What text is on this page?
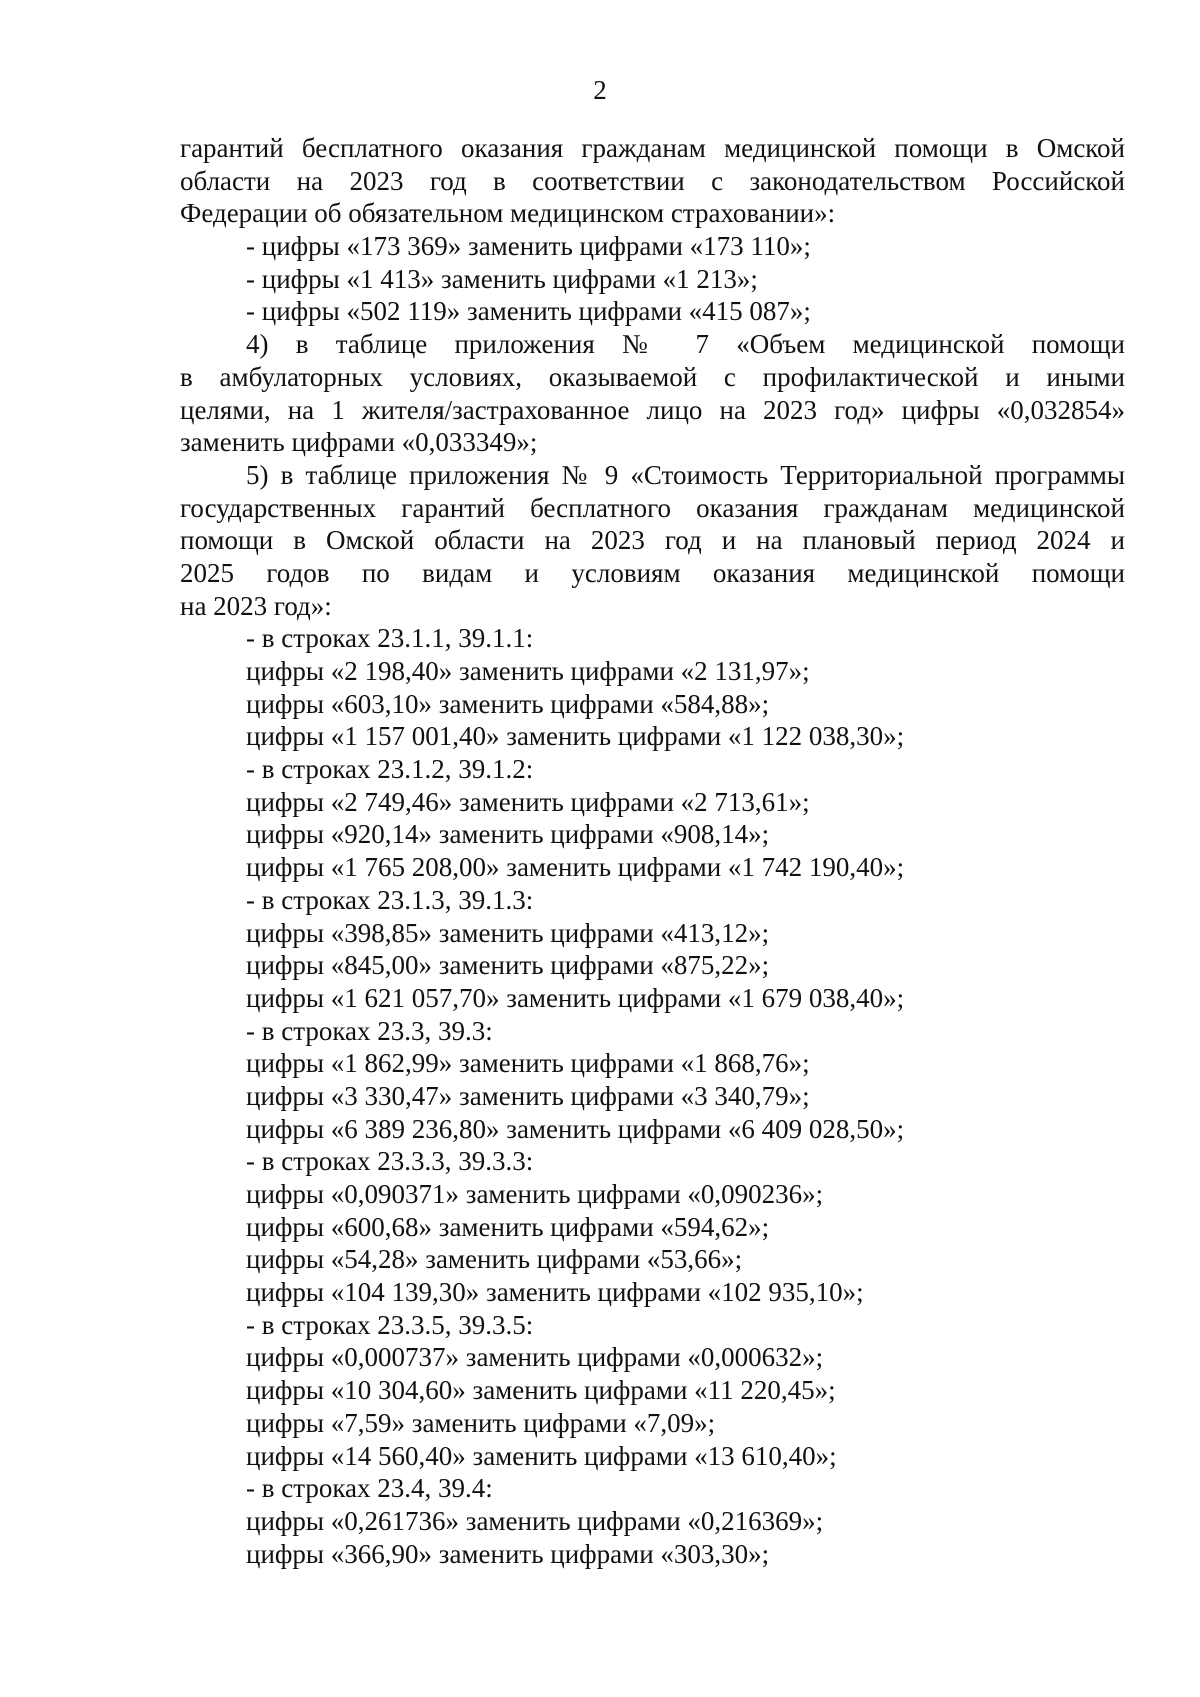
2
гарантий бесплатного оказания гражданам медицинской помощи в Омской
области на 2023 год в соответствии с законодательством Российской
Федерации об обязательном медицинском страховании»:
- цифры «173 369» заменить цифрами «173 110»;
- цифры «1 413» заменить цифрами «1 213»;
- цифры «502 119» заменить цифрами «415 087»;
4) в таблице приложения № 7 «Объем медицинской помощи
в амбулаторных условиях, оказываемой с профилактической и иными
целями, на 1 жителя/застрахованное лицо на 2023 год» цифры «0,032854»
заменить цифрами «0,033349»;
5) в таблице приложения № 9 «Стоимость Территориальной программы
государственных гарантий бесплатного оказания гражданам медицинской
помощи в Омской области на 2023 год и на плановый период 2024 и
2025 годов по видам и условиям оказания медицинской помощи
на 2023 год»:
- в строках 23.1.1, 39.1.1:
цифры «2 198,40» заменить цифрами «2 131,97»;
цифры «603,10» заменить цифрами «584,88»;
цифры «1 157 001,40» заменить цифрами «1 122 038,30»;
- в строках 23.1.2, 39.1.2:
цифры «2 749,46» заменить цифрами «2 713,61»;
цифры «920,14» заменить цифрами «908,14»;
цифры «1 765 208,00» заменить цифрами «1 742 190,40»;
- в строках 23.1.3, 39.1.3:
цифры «398,85» заменить цифрами «413,12»;
цифры «845,00» заменить цифрами «875,22»;
цифры «1 621 057,70» заменить цифрами «1 679 038,40»;
- в строках 23.3, 39.3:
цифры «1 862,99» заменить цифрами «1 868,76»;
цифры «3 330,47» заменить цифрами «3 340,79»;
цифры «6 389 236,80» заменить цифрами «6 409 028,50»;
- в строках 23.3.3, 39.3.3:
цифры «0,090371» заменить цифрами «0,090236»;
цифры «600,68» заменить цифрами «594,62»;
цифры «54,28» заменить цифрами «53,66»;
цифры «104 139,30» заменить цифрами «102 935,10»;
- в строках 23.3.5, 39.3.5:
цифры «0,000737» заменить цифрами «0,000632»;
цифры «10 304,60» заменить цифрами «11 220,45»;
цифры «7,59» заменить цифрами «7,09»;
цифры «14 560,40» заменить цифрами «13 610,40»;
- в строках 23.4, 39.4:
цифры «0,261736» заменить цифрами «0,216369»;
цифры «366,90» заменить цифрами «303,30»;
